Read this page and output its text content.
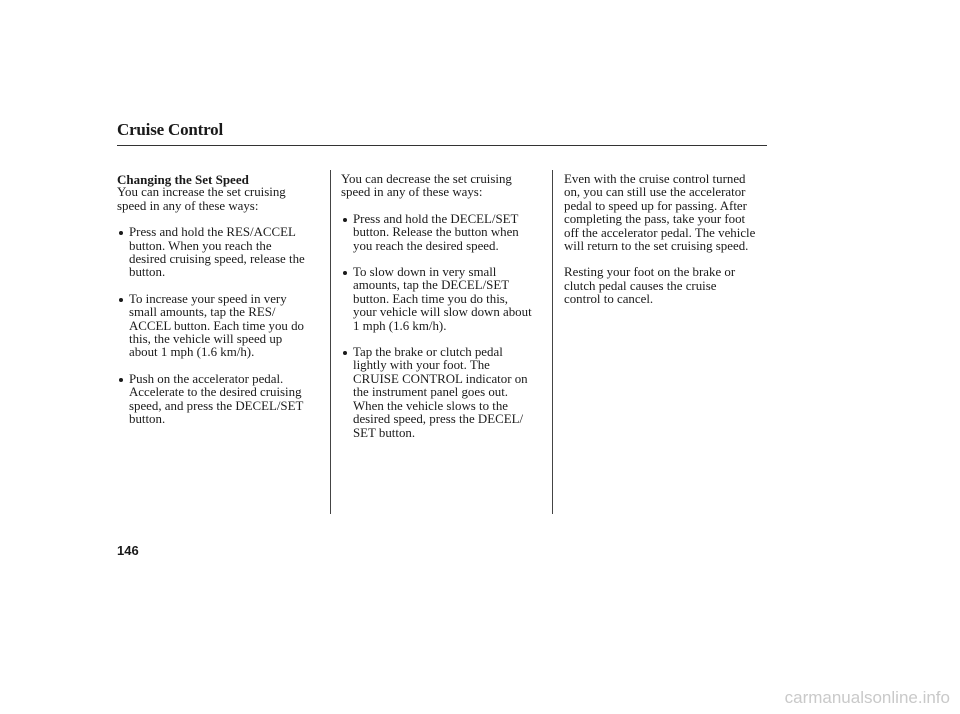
Cruise Control

Changing the Set Speed

You can increase the set cruising
speed in any of these ways:

Press and hold the RES/ACCEL
button. When you reach the
desired cruising speed, release the
button.
To increase your speed in very
small amounts, tap the RES/
ACCEL button. Each time you do
this, the vehicle will speed up
about 1 mph (1.6 km/h).
Push on the accelerator pedal.
Accelerate to the desired cruising
speed, and press the DECEL/SET
button.

You can decrease the set cruising
speed in any of these ways:

Press and hold the DECEL/SET
button. Release the button when
you reach the desired speed.
To slow down in very small
amounts, tap the DECEL/SET
button. Each time you do this,
your vehicle will slow down about
1 mph (1.6 km/h).
Tap the brake or clutch pedal
lightly with your foot. The
CRUISE CONTROL indicator on
the instrument panel goes out.
When the vehicle slows to the
desired speed, press the DECEL/
SET button.

Even with the cruise control turned
on, you can still use the accelerator
pedal to speed up for passing. After
completing the pass, take your foot
off the accelerator pedal. The vehicle
will return to the set cruising speed.

Resting your foot on the brake or
clutch pedal causes the cruise
control to cancel.

146
carmanualsonline.info
